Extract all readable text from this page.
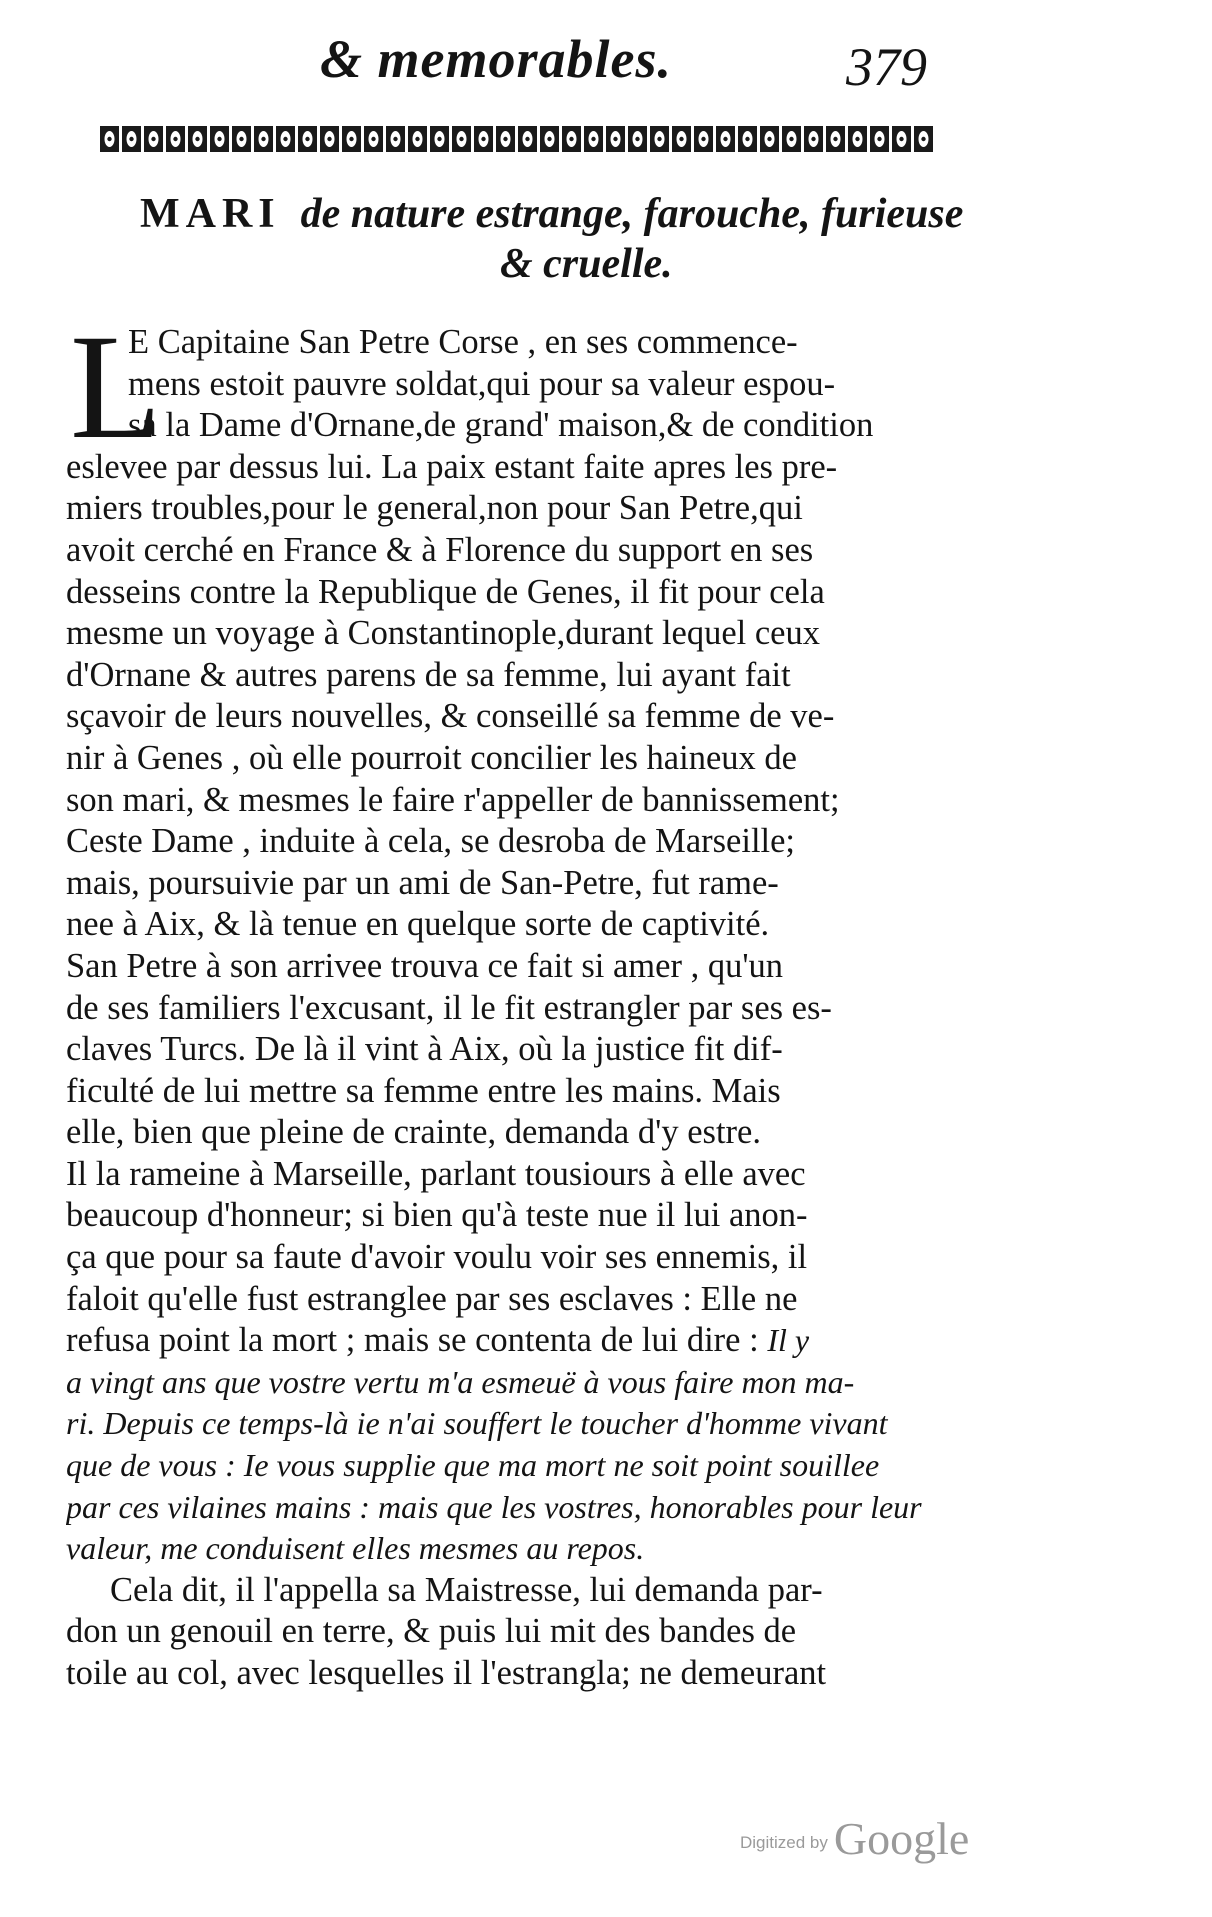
& memorables.	379
MARI de nature estrange, farouche, furieuse
& cruelle.
L
E Capitaine San Petre Corse , en ses commence-
mens estoit pauvre soldat,qui pour sa valeur espou-
sa la Dame d'Ornane,de grand' maison,& de condition
eslevee par dessus lui. La paix estant faite apres les pre-
miers troubles,pour le general,non pour San Petre,qui
avoit cerché en France & à Florence du support en ses
desseins contre la Republique de Genes, il fit pour cela
mesme un voyage à Constantinople,durant lequel ceux
d'Ornane & autres parens de sa femme, lui ayant fait
sçavoir de leurs nouvelles, & conseillé sa femme de ve-
nir à Genes , où elle pourroit concilier les haineux de
son mari, & mesmes le faire r'appeller de bannissement;
Ceste Dame , induite à cela, se desroba de Marseille;
mais, poursuivie par un ami de San-Petre, fut rame-
nee à Aix, & là tenue en quelque sorte de captivité.
San Petre à son arrivee trouva ce fait si amer , qu'un
de ses familiers l'excusant, il le fit estrangler par ses es-
claves Turcs. De là il vint à Aix, où la justice fit dif-
ficulté de lui mettre sa femme entre les mains. Mais
elle, bien que pleine de crainte, demanda d'y estre.
Il la rameine à Marseille, parlant tousiours à elle avec
beaucoup d'honneur; si bien qu'à teste nue il lui anon-
ça que pour sa faute d'avoir voulu voir ses ennemis, il
faloit qu'elle fust estranglee par ses esclaves : Elle ne
refusa point la mort ; mais se contenta de lui dire : Il y
a vingt ans que vostre vertu m'a esmeuë à vous faire mon ma-
ri. Depuis ce temps-là ie n'ai souffert le toucher d'homme vivant
que de vous : Ie vous supplie que ma mort ne soit point souillee
par ces vilaines mains : mais que les vostres, honorables pour leur
valeur, me conduisent elles mesmes au repos.
Cela dit, il l'appella sa Maistresse, lui demanda par-
don un genouil en terre, & puis lui mit des bandes de
toile au col, avec lesquelles il l'estrangla; ne demeurant
Digitized by Google
